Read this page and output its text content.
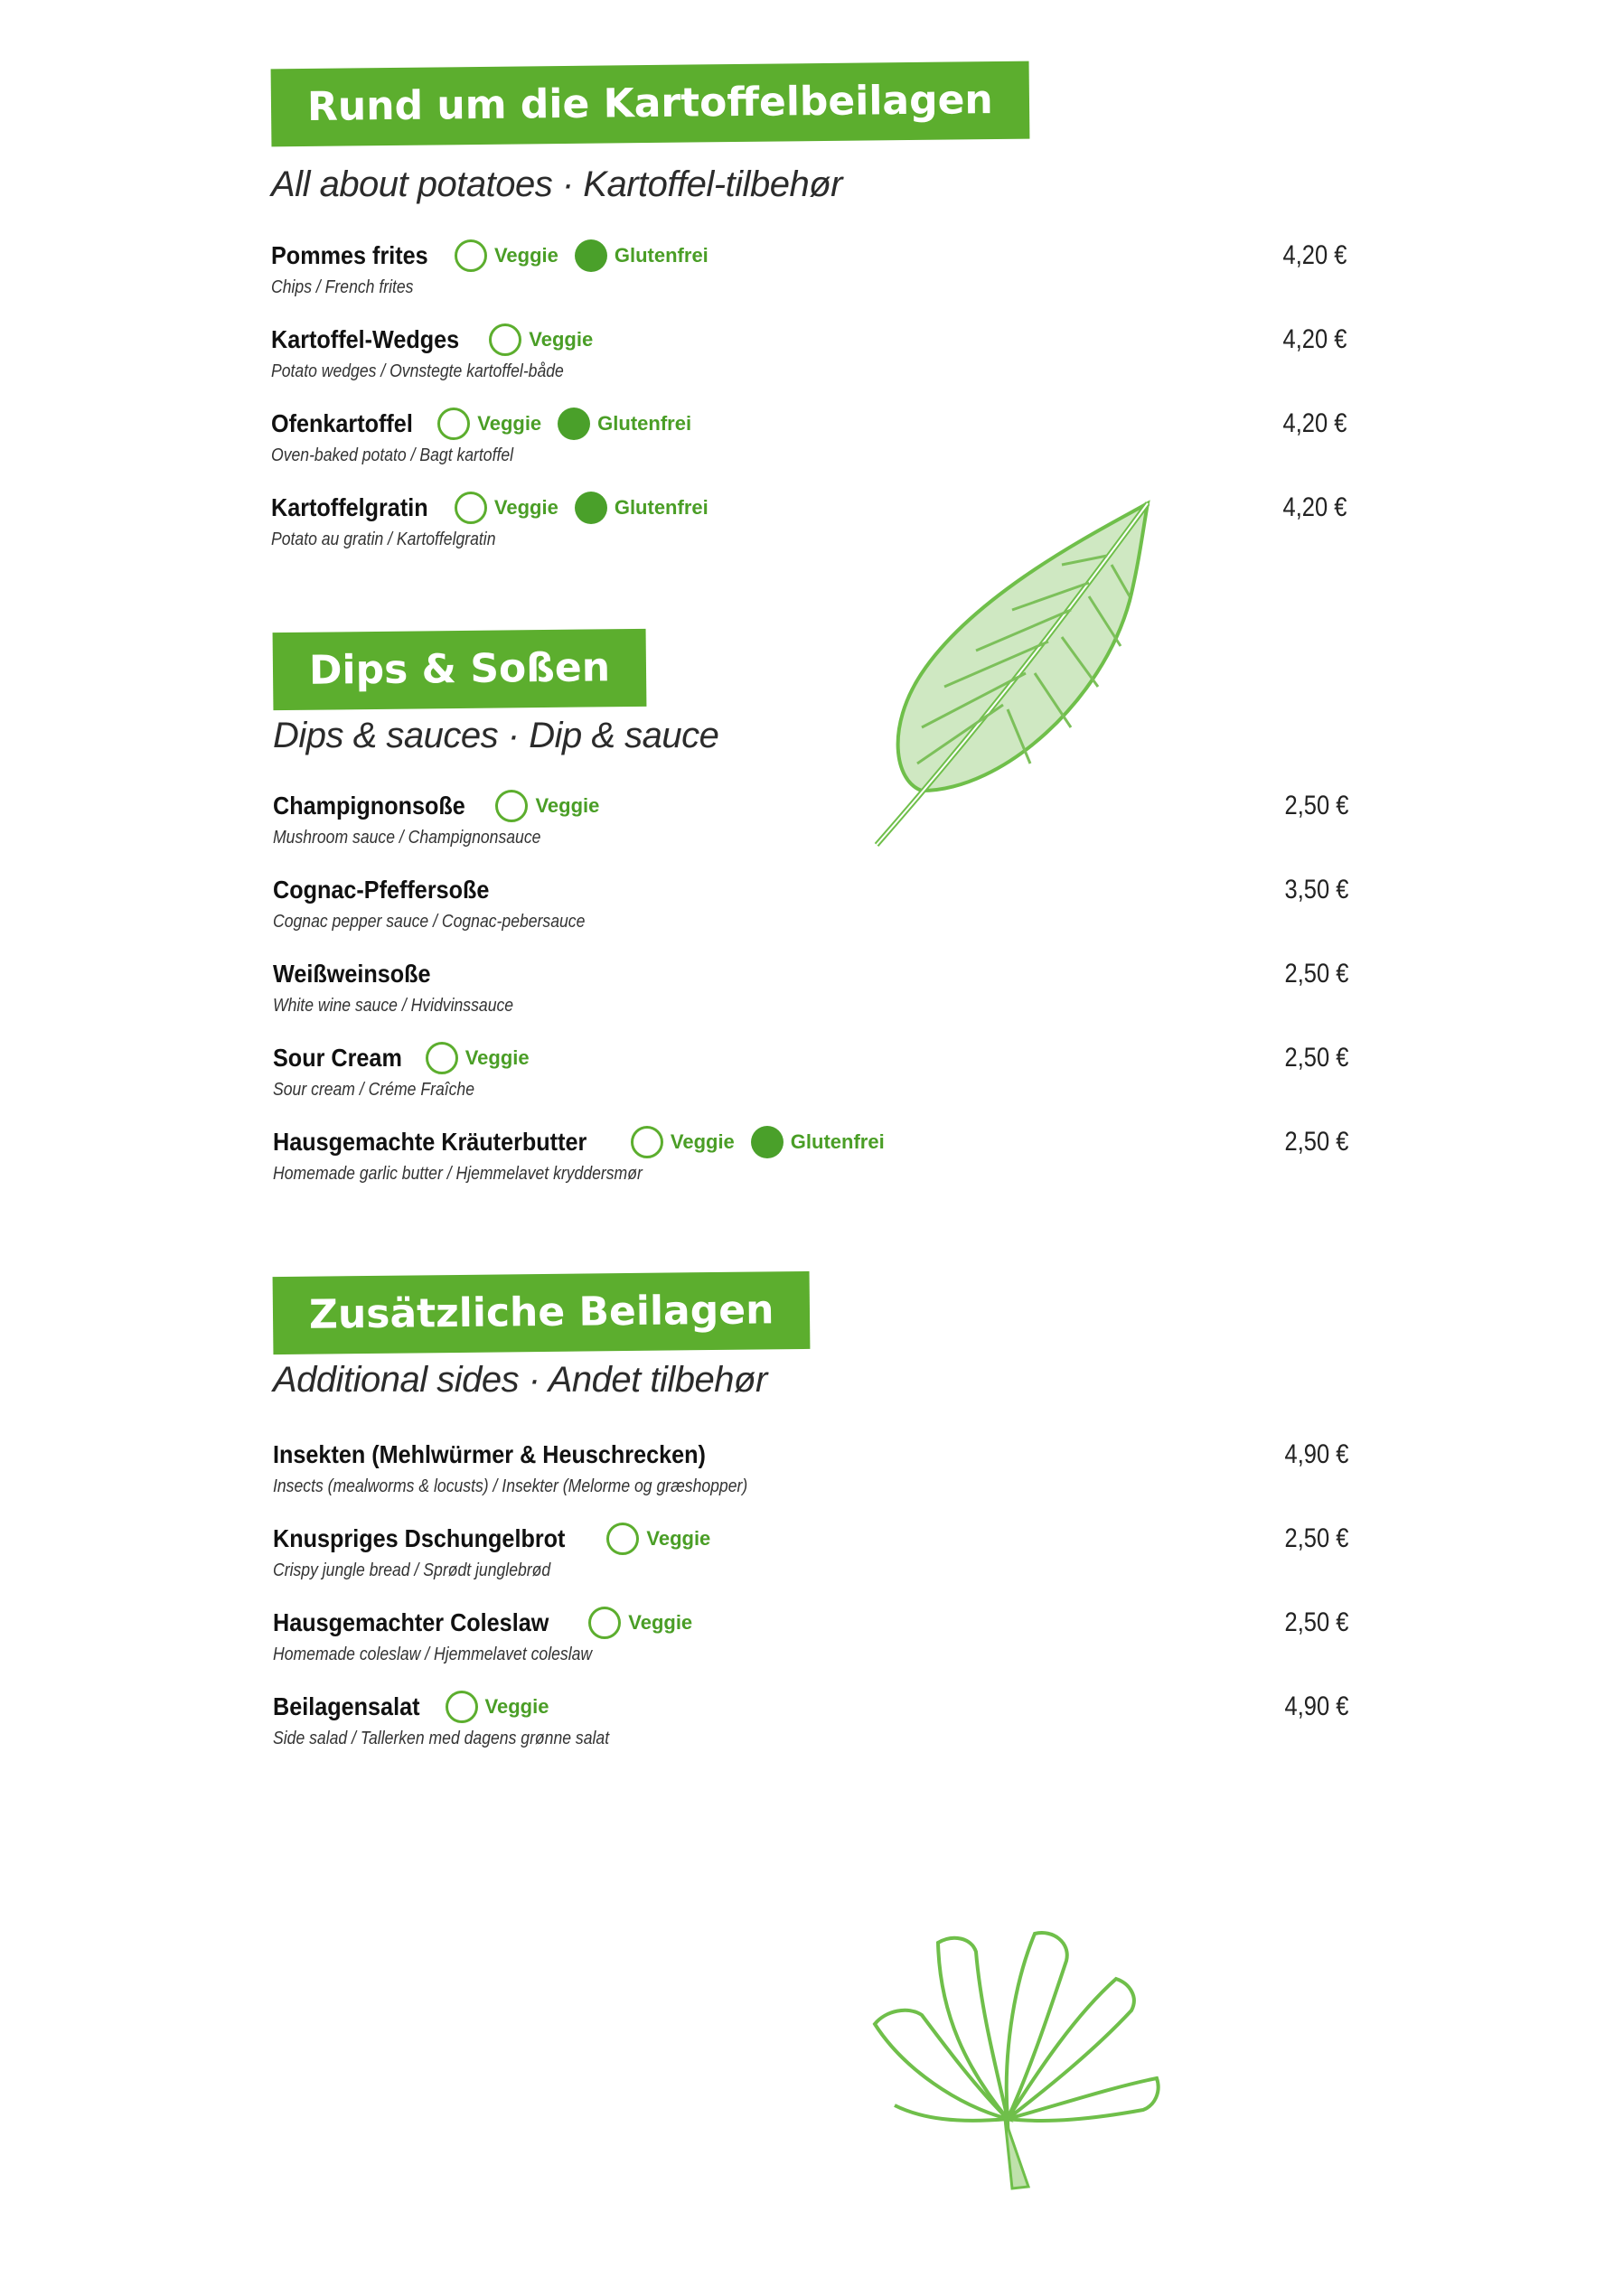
Rund um die Kartoffelbeilagen
All about potatoes · Kartoffel-tilbehør
Pommes frites	Veggie	Glutenfrei
Chips / French frites
4,20 €
Kartoffel-Wedges	Veggie
Potato wedges / Ovnstegte kartoffel-både
4,20 €
Ofenkartoffel	Veggie	Glutenfrei
Oven-baked potato / Bagt kartoffel
4,20 €
Kartoffelgratin	Veggie	Glutenfrei
Potato au gratin / Kartoffelgratin
4,20 €
Dips & Soßen
Dips & sauces · Dip & sauce
Champignonsoße	Veggie
Mushroom sauce / Champignonsauce
2,50 €
Cognac-Pfeffersoße
Cognac pepper sauce / Cognac-pebersauce
3,50 €
Weißweinsoße
White wine sauce / Hvidvinssauce
2,50 €
Sour Cream	Veggie
Sour cream / Créme Fraîche
2,50 €
Hausgemachte Kräuterbutter	Veggie	Glutenfrei
Homemade garlic butter / Hjemmelavet kryddersmør
2,50 €
Zusätzliche Beilagen
Additional sides · Andet tilbehør
Insekten (Mehlwürmer & Heuschrecken)
Insects (mealworms & locusts) / Insekter (Melorme og græshopper)
4,90 €
Knuspriges Dschungelbrot	Veggie
Crispy jungle bread / Sprødt junglebrød
2,50 €
Hausgemachter Coleslaw	Veggie
Homemade coleslaw / Hjemmelavet coleslaw
2,50 €
Beilagensalat	Veggie
Side salad / Tallerken med dagens grønne salat
4,90 €
